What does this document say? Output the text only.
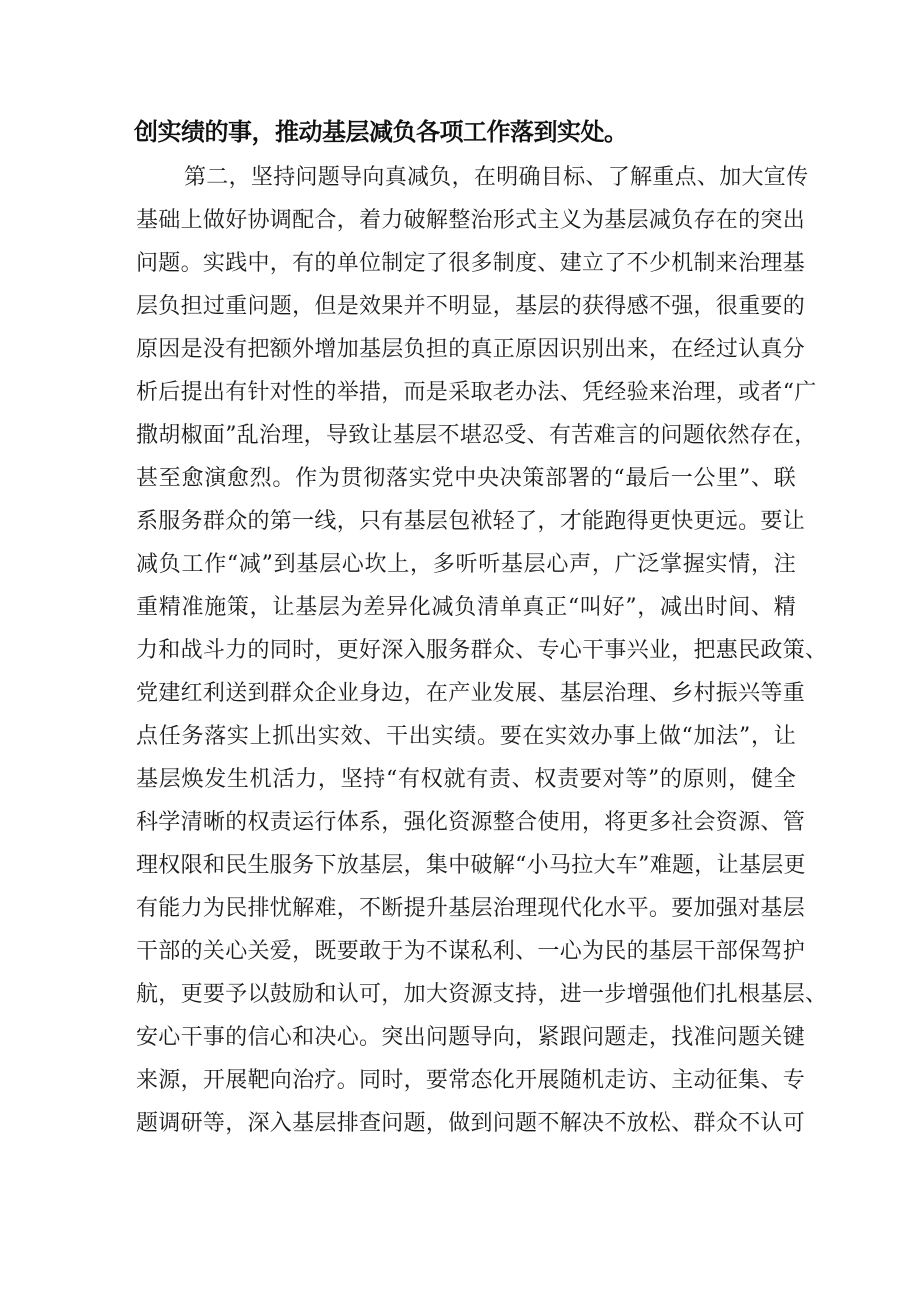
创实绩的事，推动基层减负各项工作落到实处。
第二，坚持问题导向真减负，在明确目标、了解重点、加大宣传
基础上做好协调配合，着力破解整治形式主义为基层减负存在的突出
问题。实践中，有的单位制定了很多制度、建立了不少机制来治理基
层负担过重问题，但是效果并不明显，基层的获得感不强，很重要的
原因是没有把额外增加基层负担的真正原因识别出来，在经过认真分
析后提出有针对性的举措，而是采取老办法、凭经验来治理，或者“广
撒胡椒面”乱治理，导致让基层不堪忍受、有苦难言的问题依然存在，
甚至愈演愈烈。作为贯彻落实党中央决策部署的“最后一公里”、联
系服务群众的第一线，只有基层包袱轻了，才能跑得更快更远。要让
减负工作“减”到基层心坎上，多听听基层心声，广泛掌握实情，注
重精准施策，让基层为差异化减负清单真正“叫好”，减出时间、精
力和战斗力的同时，更好深入服务群众、专心干事兴业，把惠民政策、
党建红利送到群众企业身边，在产业发展、基层治理、乡村振兴等重
点任务落实上抓出实效、干出实绩。要在实效办事上做“加法”，让
基层焕发生机活力，坚持“有权就有责、权责要对等”的原则，健全
科学清晰的权责运行体系，强化资源整合使用，将更多社会资源、管
理权限和民生服务下放基层，集中破解“小马拉大车”难题，让基层更
有能力为民排忧解难，不断提升基层治理现代化水平。要加强对基层
干部的关心关爱，既要敢于为不谋私利、一心为民的基层干部保驾护
航，更要予以鼓励和认可，加大资源支持，进一步增强他们扎根基层、
安心干事的信心和决心。突出问题导向，紧跟问题走，找准问题关键
来源，开展靶向治疗。同时，要常态化开展随机走访、主动征集、专
题调研等，深入基层排查问题，做到问题不解决不放松、群众不认可
